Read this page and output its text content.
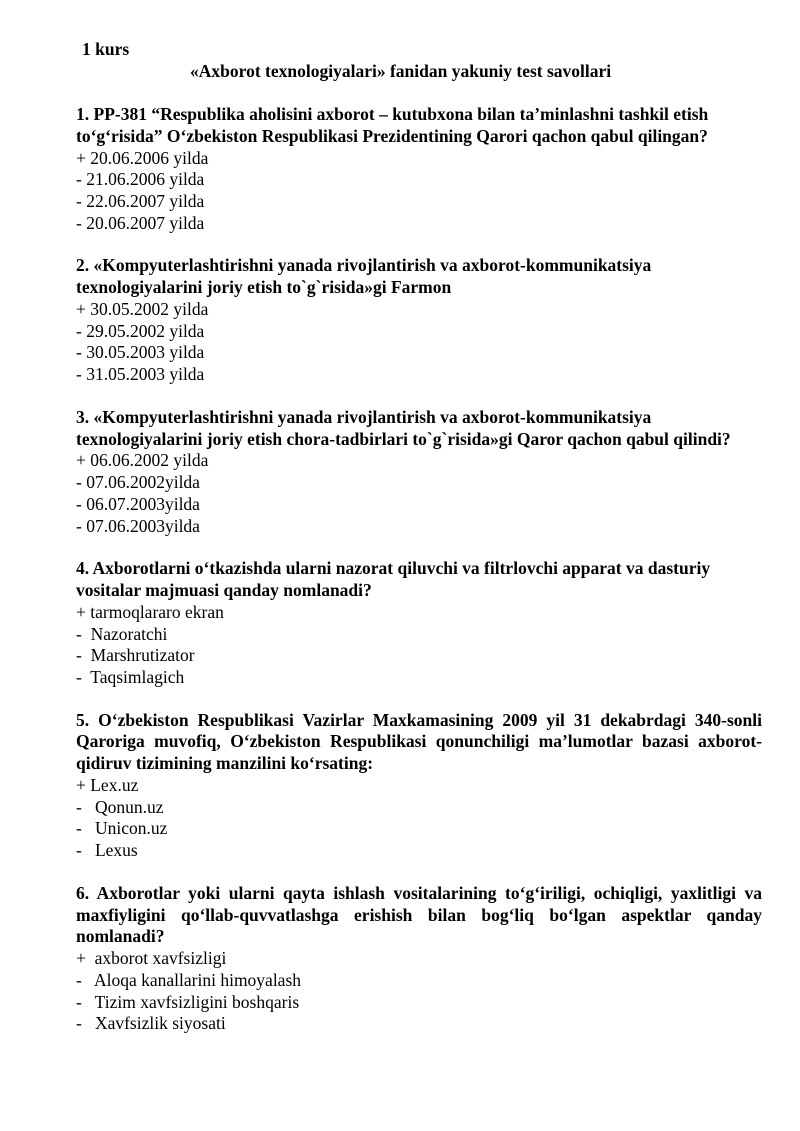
1 kurs
«Axborot texnologiyalari» fanidan yakuniy test savollari
1. PP-381 “Respublika aholisini axborot – kutubxona bilan ta’minlashni tashkil etish to‘g‘risida” O‘zbekiston Respublikasi Prezidentining Qarori qachon qabul qilingan?
+ 20.06.2006 yilda
- 21.06.2006 yilda
- 22.06.2007 yilda
- 20.06.2007 yilda
2. «Kompyuterlashtirishni yanada rivojlantirish va axborot-kommunikatsiya texnologiyalarini joriy etish to`g`risida»gi Farmon
+ 30.05.2002 yilda
- 29.05.2002 yilda
- 30.05.2003 yilda
- 31.05.2003 yilda
3. «Kompyuterlashtirishni yanada rivojlantirish va axborot-kommunikatsiya texnologiyalarini joriy etish chora-tadbirlari to`g`risida»gi Qaror qachon qabul qilindi?
+ 06.06.2002 yilda
- 07.06.2002yilda
- 06.07.2003yilda
- 07.06.2003yilda
4. Axborotlarni o‘tkazishda ularni nazorat qiluvchi va filtrlovchi apparat va dasturiy vositalar majmuasi qanday nomlanadi?
+ tarmoqlararo ekran
-  Nazoratchi
-  Marshrutizator
-  Taqsimlagich
5. O‘zbekiston Respublikasi Vazirlar Maxkamasining 2009 yil 31 dekabrdagi 340-sonli Qaroriga muvofiq, O‘zbekiston Respublikasi qonunchiligi ma’lumotlar bazasi axborot- qidiruv tizimining manzilini ko‘rsating:
+ Lex.uz
-   Qonun.uz
-   Unicon.uz
-   Lexus
6. Axborotlar yoki ularni qayta ishlash vositalarining to‘g‘iriligi, ochiqligi, yaxlitligi va maxfiyligini qo‘llab-quvvatlashga erishish bilan bog‘liq bo‘lgan aspektlar qanday nomlanadi?
+  axborot xavfsizligi
-   Aloqa kanallarini himoyalash
-   Tizim xavfsizligini boshqaris
-   Xavfsizlik siyosati
